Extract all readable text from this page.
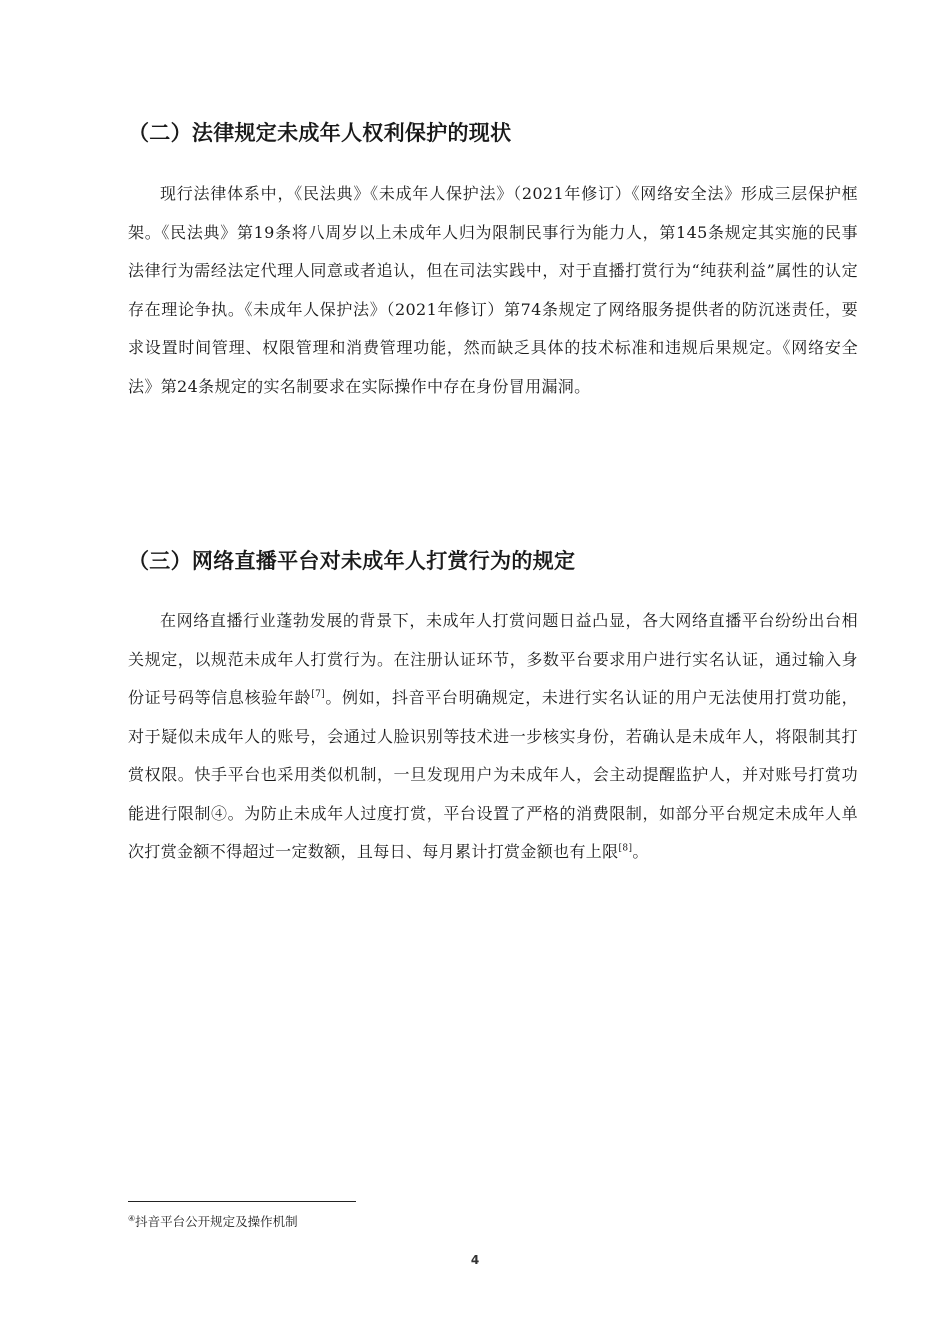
（二）法律规定未成年人权利保护的现状

现行法律体系中，《民法典》《未成年人保护法》（2021年修订）《网络安全法》形成三层保护框架。《民法典》第19条将八周岁以上未成年人归为限制民事行为能力人，第145条规定其实施的民事法律行为需经法定代理人同意或者追认，但在司法实践中，对于直播打赏行为“纯获利益”属性的认定存在理论争执。《未成年人保护法》（2021年修订）第74条规定了网络服务提供者的防沉迷责任，要求设置时间管理、权限管理和消费管理功能，然而缺乏具体的技术标准和违规后果规定。《网络安全法》第24条规定的实名制要求在实际操作中存在身份冒用漏洞。

（三）网络直播平台对未成年人打赏行为的规定

在网络直播行业蓬勃发展的背景下，未成年人打赏问题日益凸显，各大网络直播平台纷纷出台相关规定，以规范未成年人打赏行为。在注册认证环节，多数平台要求用户进行实名认证，通过输入身份证号码等信息核验年龄[7]。例如，抖音平台明确规定，未进行实名认证的用户无法使用打赏功能，对于疑似未成年人的账号，会通过人脸识别等技术进一步核实身份，若确认是未成年人，将限制其打赏权限。快手平台也采用类似机制，一旦发现用户为未成年人，会主动提醒监护人，并对账号打赏功能进行限制④。为防止未成年人过度打赏，平台设置了严格的消费限制，如部分平台规定未成年人单次打赏金额不得超过一定数额，且每日、每月累计打赏金额也有上限[8]。

④抖音平台公开规定及操作机制

4
